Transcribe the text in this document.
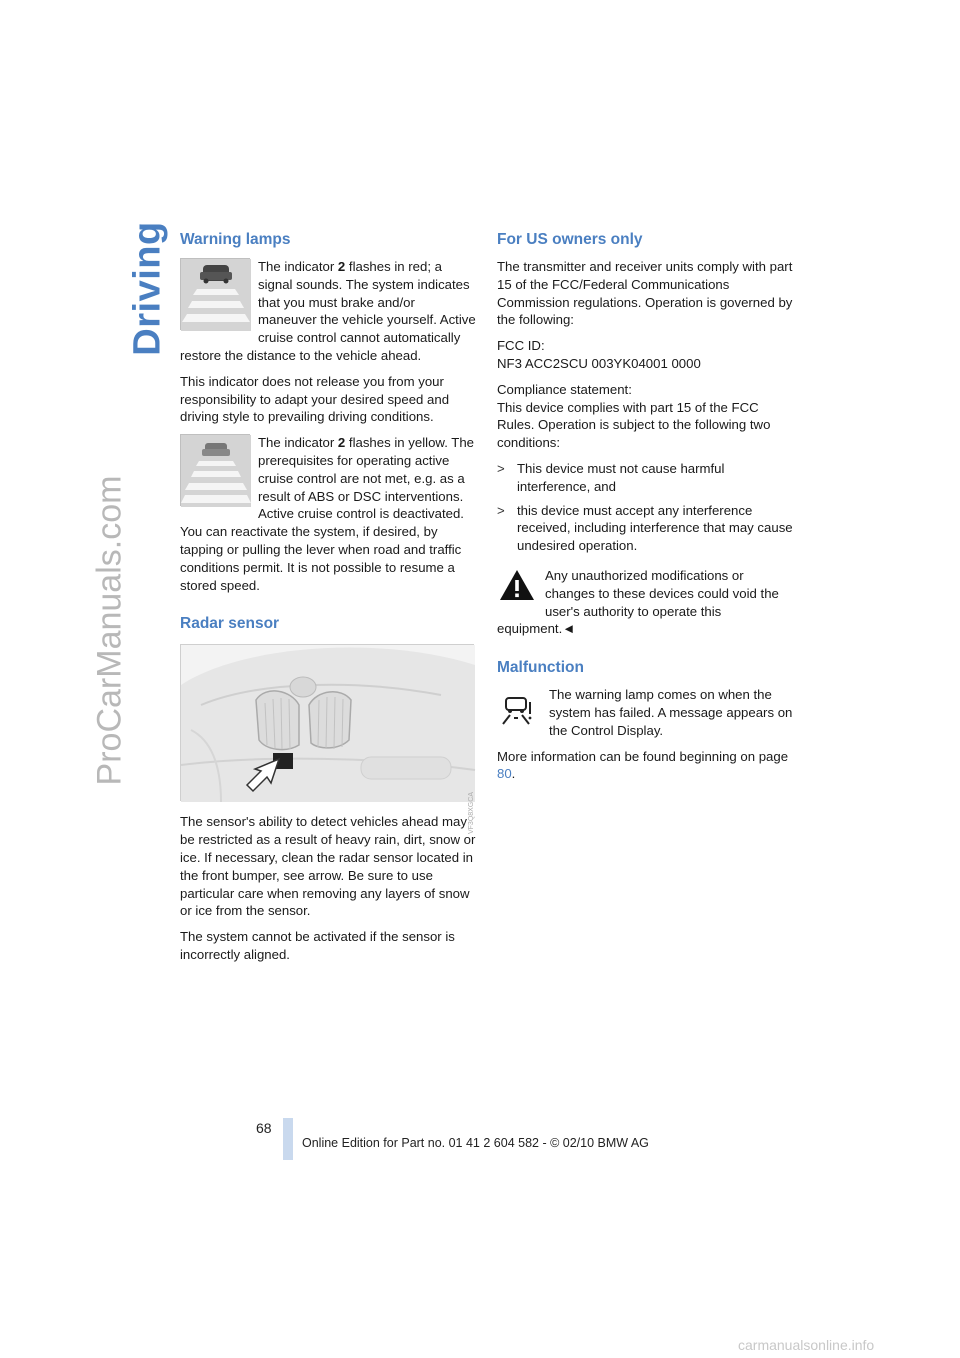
Driving
ProCarManuals.com
Warning lamps
The indicator 2 flashes in red; a signal sounds. The system indicates that you must brake and/or maneuver the vehicle yourself. Active cruise control cannot automatically restore the distance to the vehicle ahead.
This indicator does not release you from your responsibility to adapt your desired speed and driving style to prevailing driving conditions.
The indicator 2 flashes in yellow. The prerequisites for operating active cruise control are not met, e.g. as a result of ABS or DSC interventions. Active cruise control is deactivated. You can reactivate the system, if desired, by tapping or pulling the lever when road and traffic conditions permit. It is not possible to resume a stored speed.
Radar sensor
VF3Q8XGCA
The sensor's ability to detect vehicles ahead may be restricted as a result of heavy rain, dirt, snow or ice. If necessary, clean the radar sensor located in the front bumper, see arrow. Be sure to use particular care when removing any layers of snow or ice from the sensor.
The system cannot be activated if the sensor is incorrectly aligned.
For US owners only
The transmitter and receiver units comply with part 15 of the FCC/Federal Communications Commission regulations. Operation is governed by the following:
FCC ID:
NF3 ACC2SCU 003YK04001 0000
Compliance statement:
This device complies with part 15 of the FCC Rules. Operation is subject to the following two conditions:
> This device must not cause harmful interference, and
> this device must accept any interference received, including interference that may cause undesired operation.
Any unauthorized modifications or changes to these devices could void the user's authority to operate this equipment.◄
Malfunction
The warning lamp comes on when the system has failed. A message appears on the Control Display.
More information can be found beginning on page 80.
68
Online Edition for Part no. 01 41 2 604 582 - © 02/10 BMW AG
carmanualsonline.info
